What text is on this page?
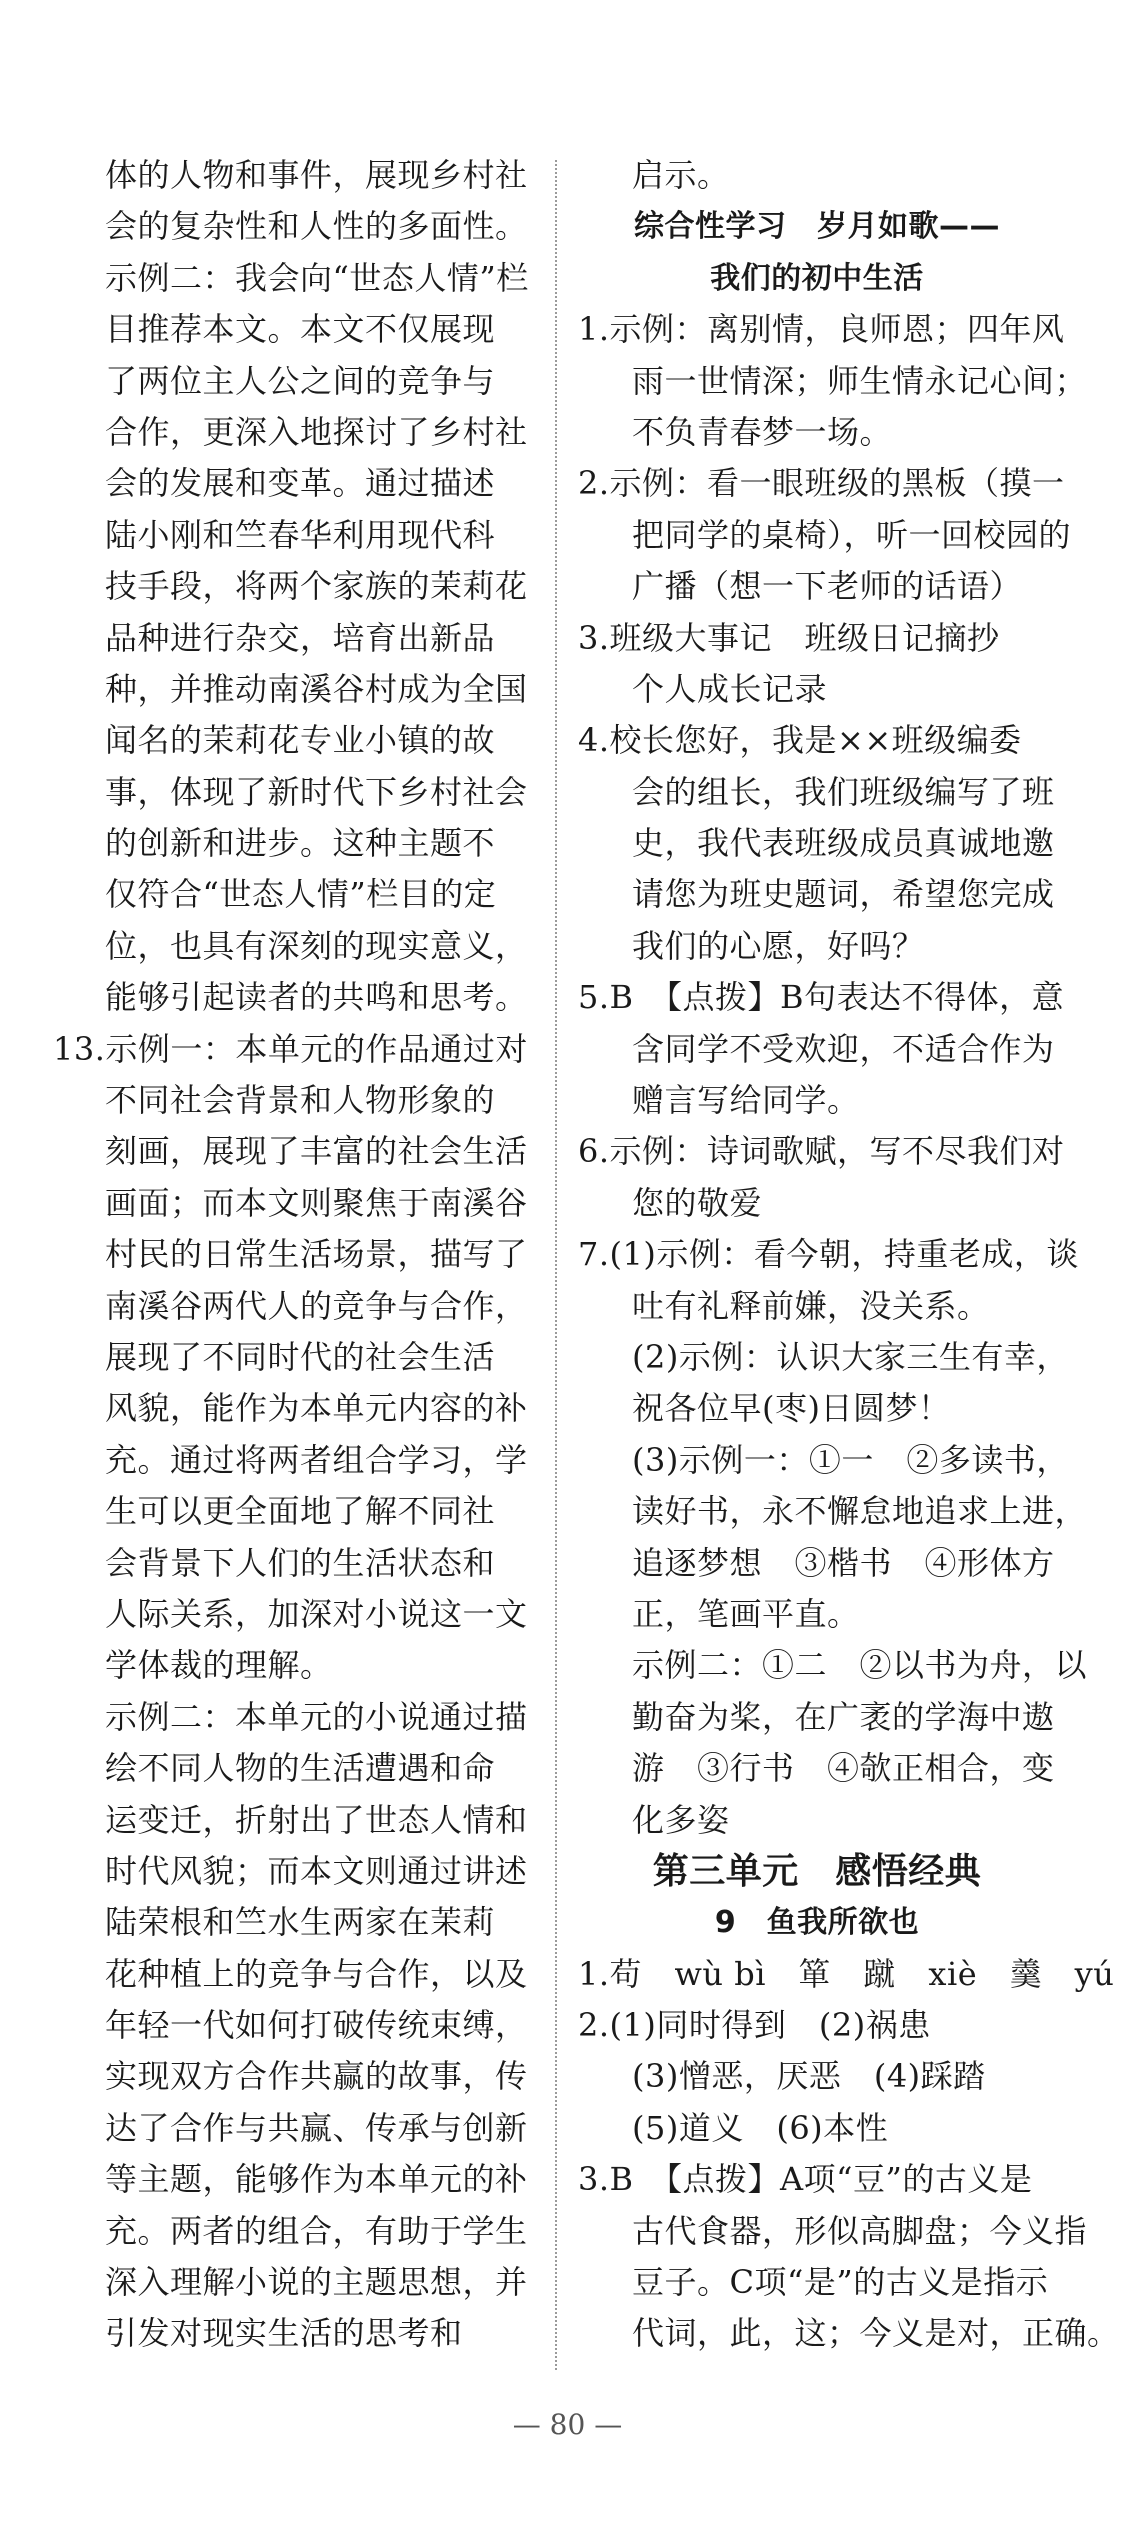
体的人物和事件，展现乡村社
会的复杂性和人性的多面性。
示例二：我会向“世态人情”栏
目推荐本文。本文不仅展现
了两位主人公之间的竞争与
合作，更深入地探讨了乡村社
会的发展和变革。通过描述
陆小刚和竺春华利用现代科
技手段，将两个家族的茉莉花
品种进行杂交，培育出新品
种，并推动南溪谷村成为全国
闻名的茉莉花专业小镇的故
事，体现了新时代下乡村社会
的创新和进步。这种主题不
仅符合“世态人情”栏目的定
位，也具有深刻的现实意义，
能够引起读者的共鸣和思考。
13.示例一：本单元的作品通过对
不同社会背景和人物形象的
刻画，展现了丰富的社会生活
画面；而本文则聚焦于南溪谷
村民的日常生活场景，描写了
南溪谷两代人的竞争与合作，
展现了不同时代的社会生活
风貌，能作为本单元内容的补
充。通过将两者组合学习，学
生可以更全面地了解不同社
会背景下人们的生活状态和
人际关系，加深对小说这一文
学体裁的理解。
示例二：本单元的小说通过描
绘不同人物的生活遭遇和命
运变迁，折射出了世态人情和
时代风貌；而本文则通过讲述
陆荣根和竺水生两家在茉莉
花种植上的竞争与合作，以及
年轻一代如何打破传统束缚，
实现双方合作共赢的故事，传
达了合作与共赢、传承与创新
等主题，能够作为本单元的补
充。两者的组合，有助于学生
深入理解小说的主题思想，并
引发对现实生活的思考和
启示。
综合性学习　岁月如歌——
我们的初中生活
1.示例：离别情，良师恩；四年风
雨一世情深；师生情永记心间；
不负青春梦一场。
2.示例：看一眼班级的黑板（摸一
把同学的桌椅），听一回校园的
广播（想一下老师的话语）
3.班级大事记　班级日记摘抄
个人成长记录
4.校长您好，我是××班级编委
会的组长，我们班级编写了班
史，我代表班级成员真诚地邀
请您为班史题词，希望您完成
我们的心愿，好吗？
5.B　【点拨】B句表达不得体，意
含同学不受欢迎，不适合作为
赠言写给同学。
6.示例：诗词歌赋，写不尽我们对
您的敬爱
7.(1)示例：看今朝，持重老成，谈
吐有礼释前嫌，没关系。
(2)示例：认识大家三生有幸，
祝各位早(枣)日圆梦！
(3)示例一：①一　②多读书，
读好书，永不懈怠地追求上进，
追逐梦想　③楷书　④形体方
正，笔画平直。
示例二：①二　②以书为舟，以
勤奋为桨，在广袤的学海中遨
游　③行书　④欹正相合，变
化多姿
第三单元　感悟经典
9　鱼我所欲也
1.苟　wù bì　箪　蹴　xiè　羹　yú
2.(1)同时得到　(2)祸患
(3)憎恶，厌恶　(4)踩踏
(5)道义　(6)本性
3.B　【点拨】A项“豆”的古义是
古代食器，形似高脚盘；今义指
豆子。C项“是”的古义是指示
代词，此，这；今义是对，正确。
— 80 —
